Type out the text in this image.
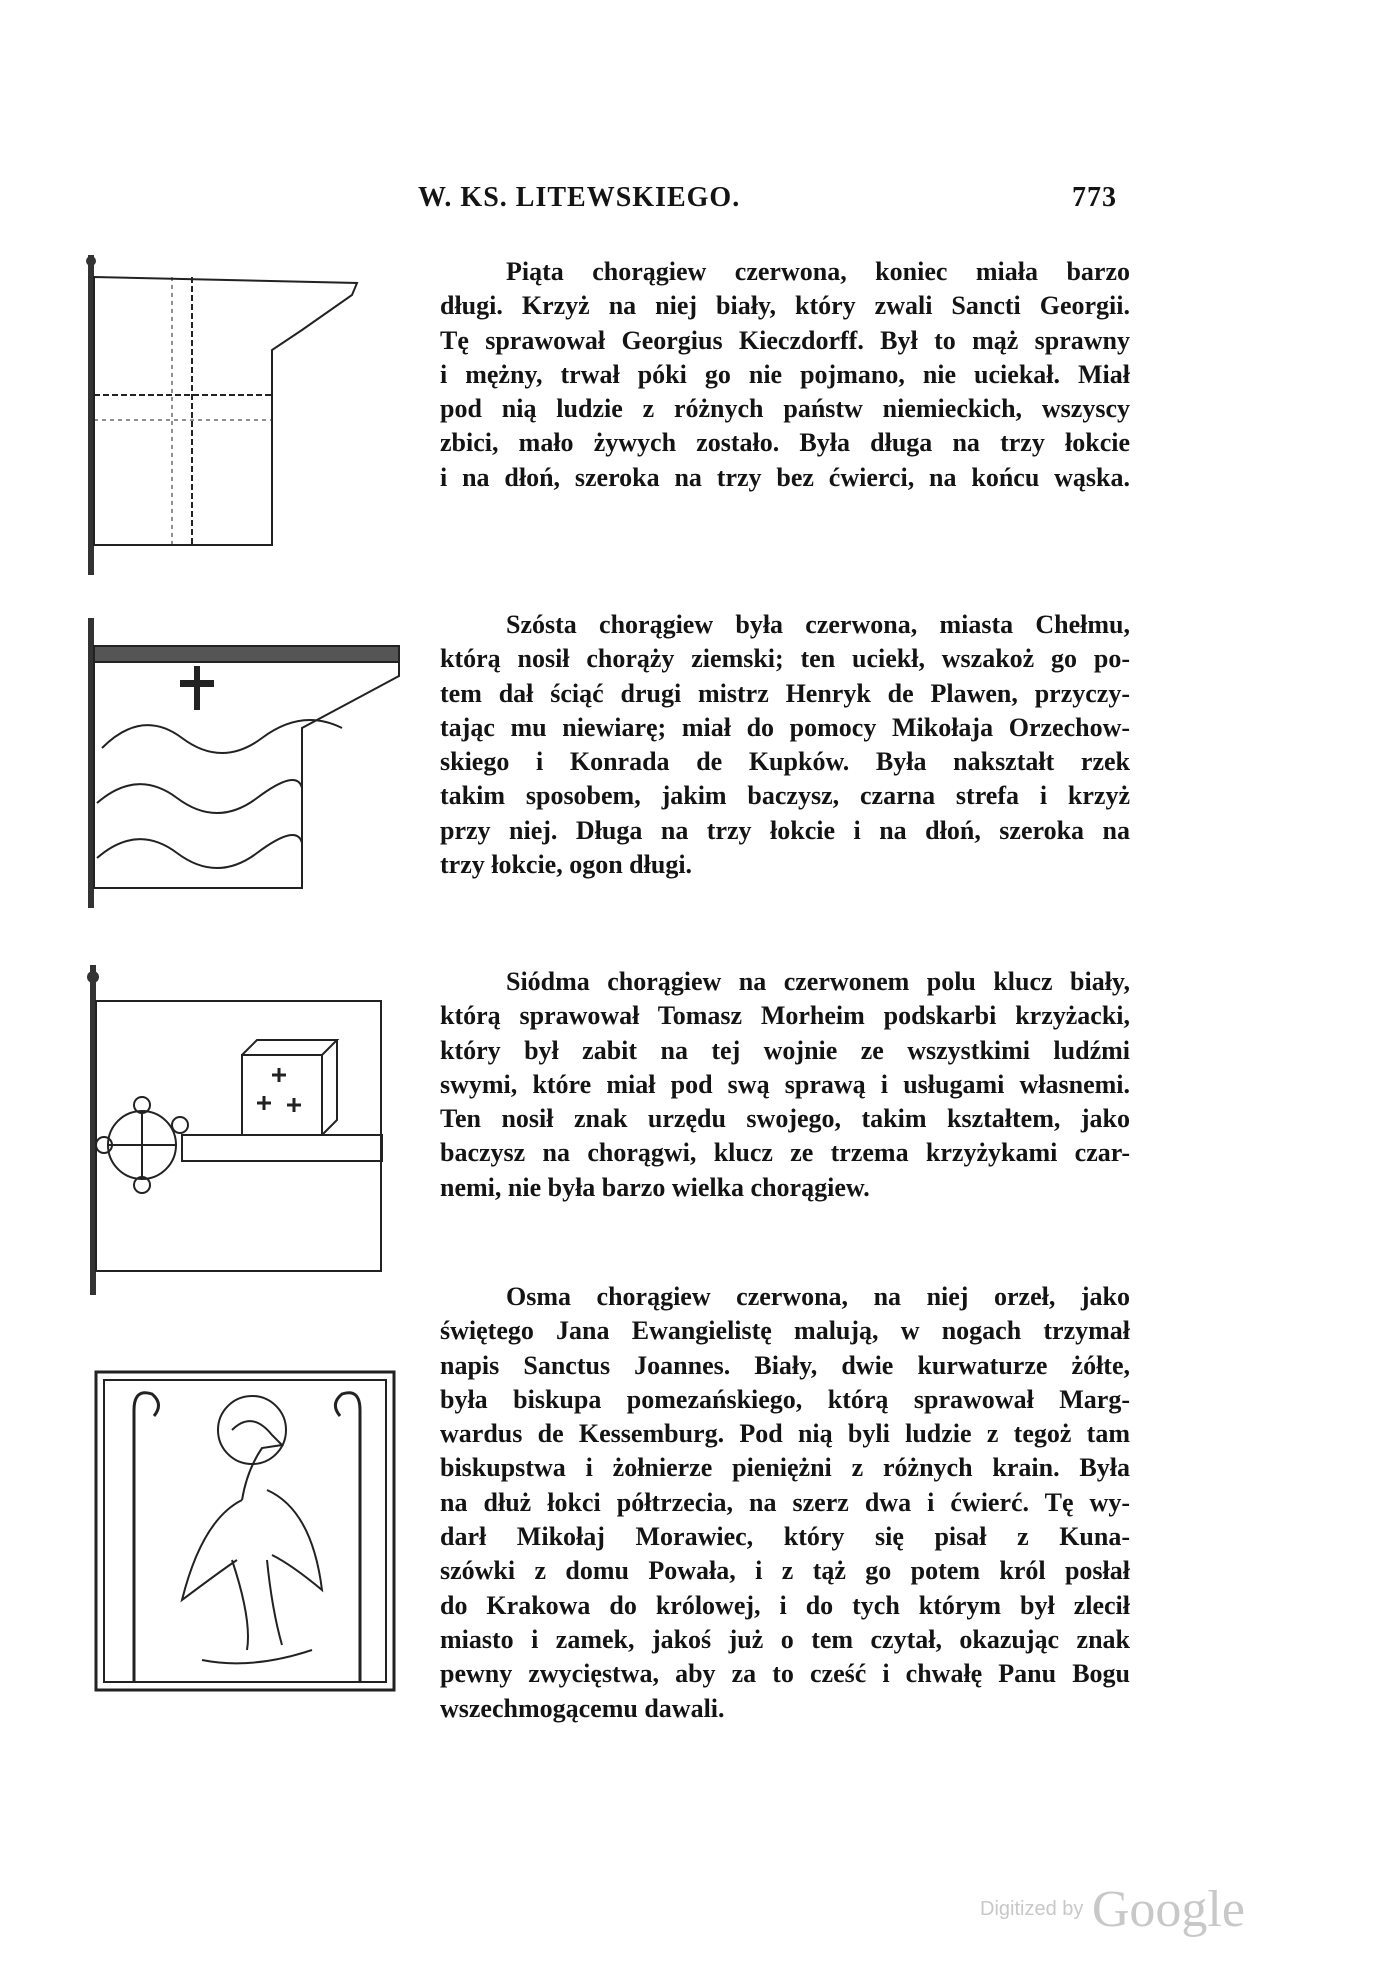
W. KS. LITEWSKIEGO.	773
Piąta chorągiew czerwona, koniec miała barzo
długi. Krzyż na niej biały, który zwali Sancti Georgii.
Tę sprawował Georgius Kieczdorff. Był to mąż sprawny
i mężny, trwał póki go nie pojmano, nie uciekał. Miał
pod nią ludzie z różnych państw niemieckich, wszyscy
zbici, mało żywych zostało. Była długa na trzy łokcie
i na dłoń, szeroka na trzy bez ćwierci, na końcu wąska.
Szósta chorągiew była czerwona, miasta Chełmu,
którą nosił chorąży ziemski; ten uciekł, wszakoż go po-
tem dał ściąć drugi mistrz Henryk de Plawen, przyczy-
tając mu niewiarę; miał do pomocy Mikołaja Orzechow-
skiego i Konrada de Kupków. Była nakształt rzek
takim sposobem, jakim baczysz, czarna strefa i krzyż
przy niej. Długa na trzy łokcie i na dłoń, szeroka na
trzy łokcie, ogon długi.
Siódma chorągiew na czerwonem polu klucz biały,
którą sprawował Tomasz Morheim podskarbi krzyżacki,
który był zabit na tej wojnie ze wszystkimi ludźmi
swymi, które miał pod swą sprawą i usługami własnemi.
Ten nosił znak urzędu swojego, takim kształtem, jako
baczysz na chorągwi, klucz ze trzema krzyżykami czar-
nemi, nie była barzo wielka chorągiew.
Osma chorągiew czerwona, na niej orzeł, jako
świętego Jana Ewangielistę malują, w nogach trzymał
napis Sanctus Joannes. Biały, dwie kurwaturze żółte,
była biskupa pomezańskiego, którą sprawował Marg-
wardus de Kessemburg. Pod nią byli ludzie z tegoż tam
biskupstwa i żołnierze pieniężni z różnych krain. Była
na dłuż łokci półtrzecia, na szerz dwa i ćwierć. Tę wy-
darł Mikołaj Morawiec, który się pisał z Kuna-
szówki z domu Powała, i z tąż go potem król posłał
do Krakowa do królowej, i do tych którym był zlecił
miasto i zamek, jakoś już o tem czytał, okazując znak
pewny zwycięstwa, aby za to cześć i chwałę Panu Bogu
wszechmogącemu dawali.
Digitized by Google
